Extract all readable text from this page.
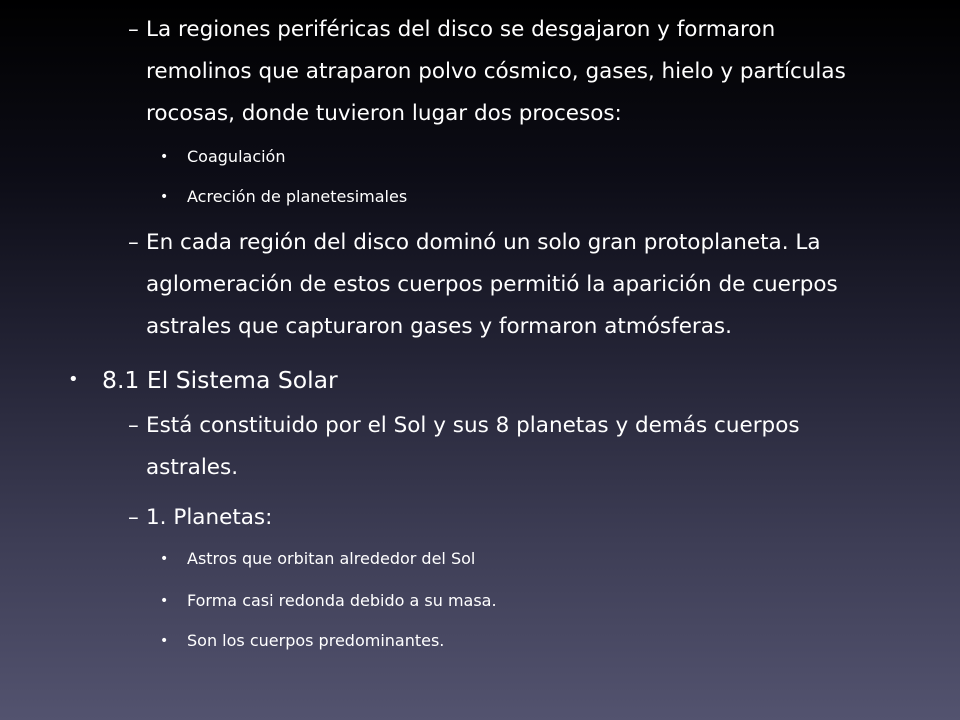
– La regiones periféricas del disco se desgajaron y formaron remolinos que atraparon polvo cósmico, gases, hielo y partículas rocosas, donde tuvieron lugar dos procesos:
•	Coagulación
•	Acreción de planetesimales
– En cada región del disco dominó un solo gran protoplaneta. La aglomeración de estos cuerpos permitió la aparición de cuerpos astrales que capturaron gases y formaron atmósferas.
• 8.1 El Sistema Solar
– Está constituido por el Sol y sus 8 planetas y demás cuerpos astrales.
– 1. Planetas:
•	Astros que orbitan alrededor del Sol
•	Forma casi redonda debido a su masa.
•	Son los cuerpos predominantes.
